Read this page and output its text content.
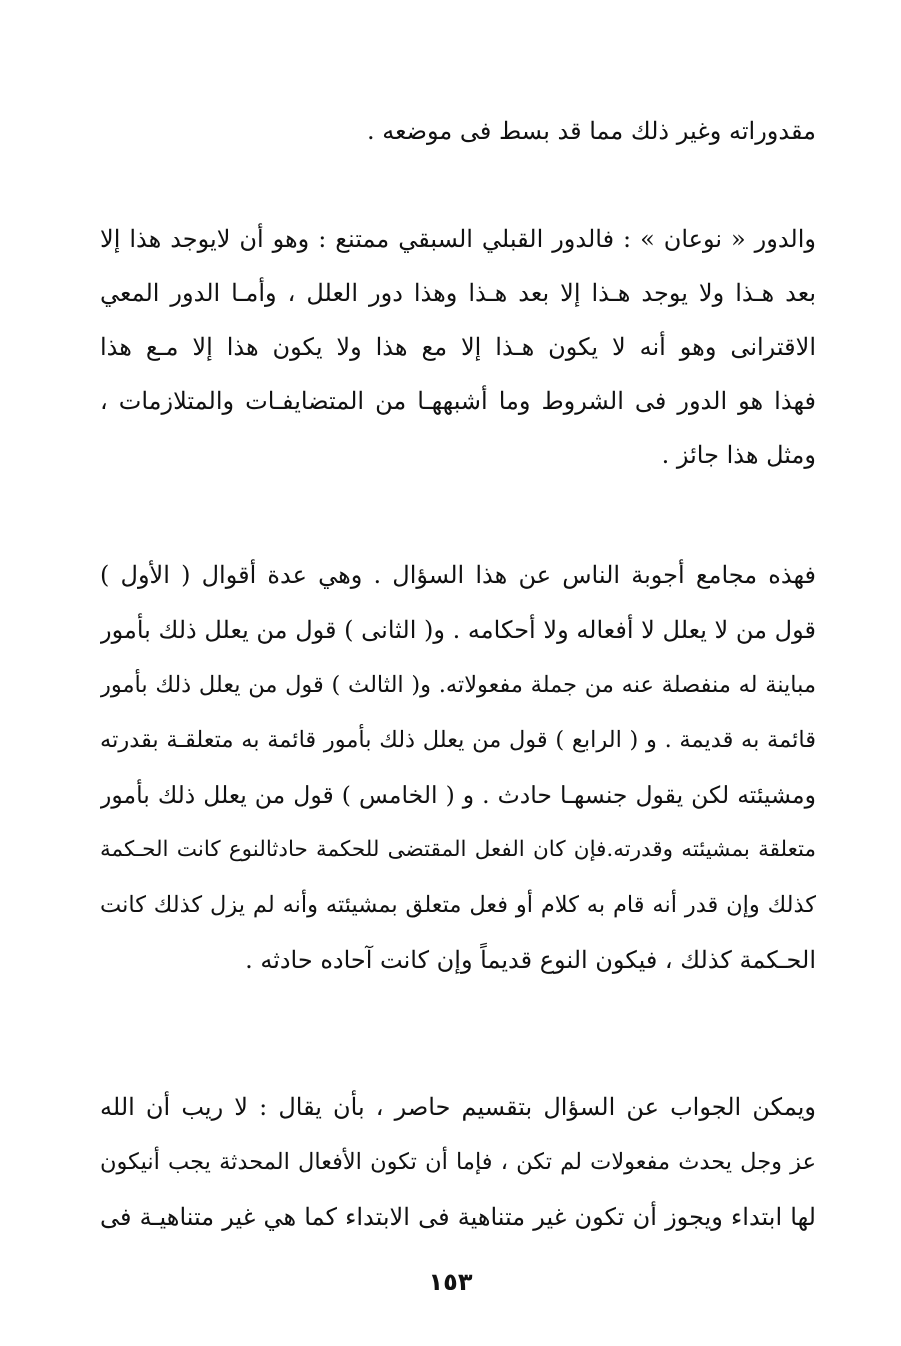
مقدوراته وغير ذلك مما قد بسط فى موضعه .
والدور « نوعان » : فالدور القبلي السبقي ممتنع : وهو أن لايوجد هذا إلا
بعد هـذا ولا يوجد هـذا إلا بعد هـذا وهذا دور العلل ، وأمـا الدور المعي
الاقترانى وهو أنه لا يكون هـذا إلا مع هذا ولا يكون هذا إلا مـع هذا
فهذا هو الدور فى الشروط وما أشبههـا من المتضايفـات والمتلازمات ،
ومثل هذا جائز .
فهذه مجامع أجوبة الناس عن هذا السؤال . وهي عدة أقوال ( الأول )
قول من لا يعلل لا أفعاله ولا أحكامه . و( الثانى ) قول من يعلل ذلك بأمور
مباينة له منفصلة عنه من جملة مفعولاته. و( الثالث ) قول من يعلل ذلك بأمور
قائمة به قديمة . و ( الرابع ) قول من يعلل ذلك بأمور قائمة به متعلقـة بقدرته
ومشيئته لكن يقول جنسهـا حادث . و ( الخامس ) قول من يعلل ذلك بأمور
متعلقة بمشيئته وقدرته.فإن كان الفعل المقتضى للحكمة حادثالنوع كانت الحـكمة
كذلك وإن قدر أنه قام به كلام أو فعل متعلق بمشيئته وأنه لم يزل كذلك كانت
الحـكمة كذلك ، فيكون النوع قديماً وإن كانت آحاده حادثه .
ويمكن الجواب عن السؤال بتقسيم حاصر ، بأن يقال : لا ريب أن الله
عز وجل يحدث مفعولات لم تكن ، فإما أن تكون الأفعال المحدثة يجب أنيكون
لها ابتداء ويجوز أن تكون غير متناهية فى الابتداء كما هي غير متناهيـة فى
١٥٣
